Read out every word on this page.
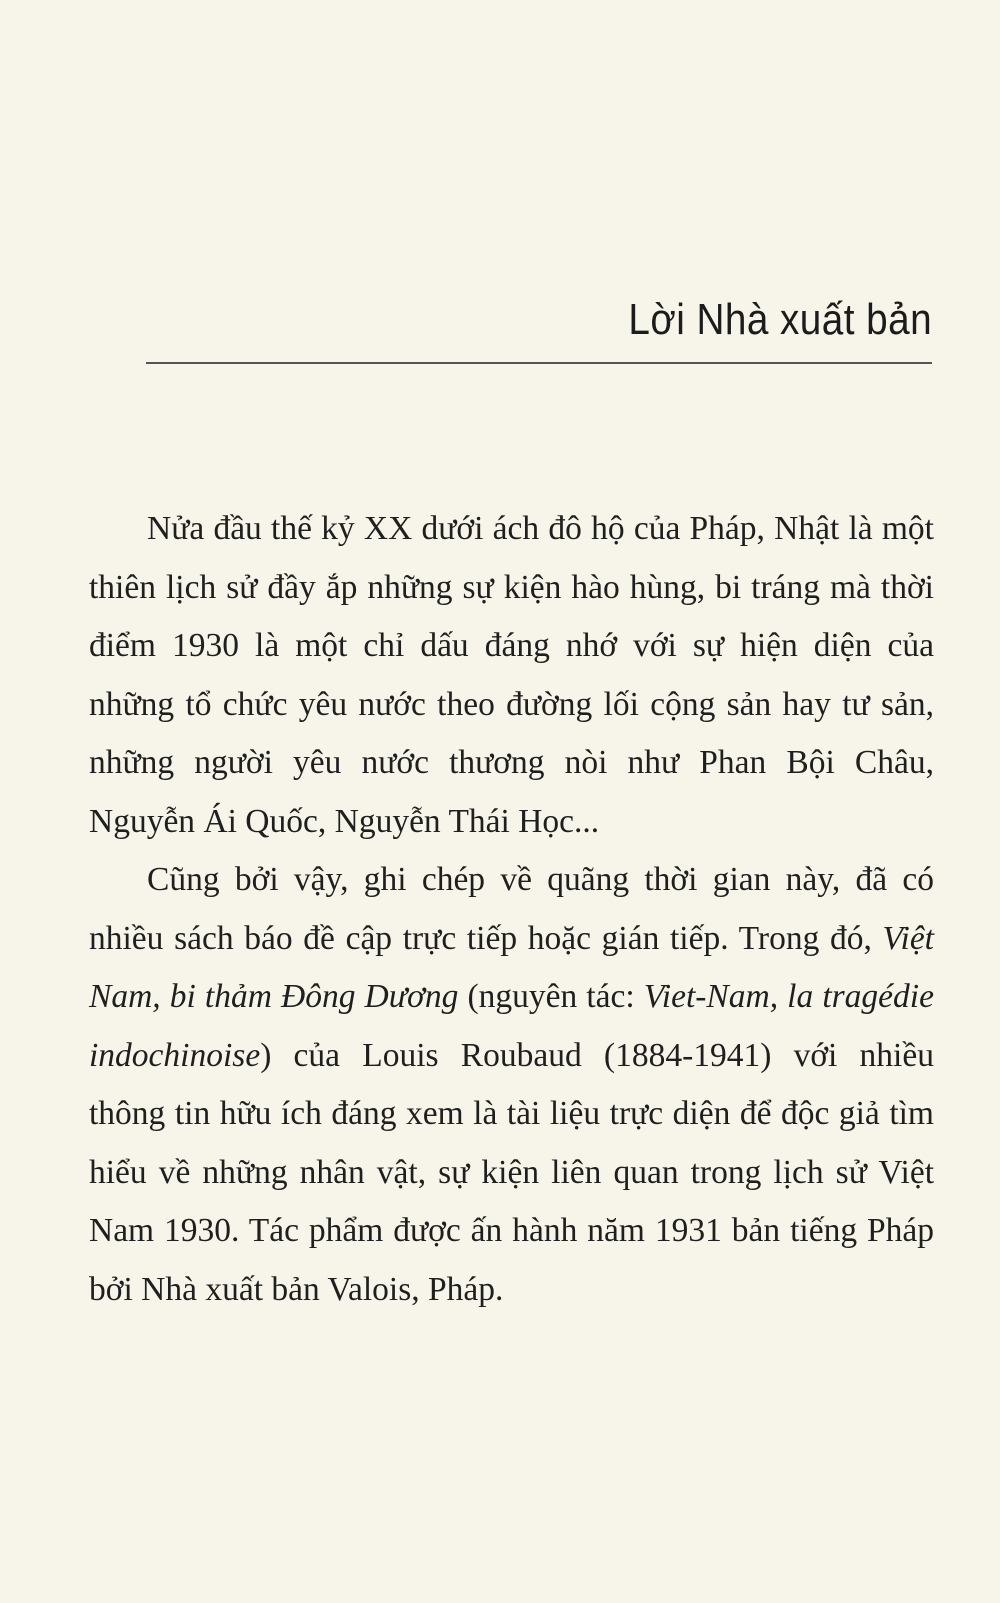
Lời Nhà xuất bản

Nửa đầu thế kỷ XX dưới ách đô hộ của Pháp, Nhật là một thiên lịch sử đầy ắp những sự kiện hào hùng, bi tráng mà thời điểm 1930 là một chỉ dấu đáng nhớ với sự hiện diện của những tổ chức yêu nước theo đường lối cộng sản hay tư sản, những người yêu nước thương nòi như Phan Bội Châu, Nguyễn Ái Quốc, Nguyễn Thái Học...

Cũng bởi vậy, ghi chép về quãng thời gian này, đã có nhiều sách báo đề cập trực tiếp hoặc gián tiếp. Trong đó, Việt Nam, bi thảm Đông Dương (nguyên tác: Viet-Nam, la tragédie indochinoise) của Louis Roubaud (1884-1941) với nhiều thông tin hữu ích đáng xem là tài liệu trực diện để độc giả tìm hiểu về những nhân vật, sự kiện liên quan trong lịch sử Việt Nam 1930. Tác phẩm được ấn hành năm 1931 bản tiếng Pháp bởi Nhà xuất bản Valois, Pháp.
